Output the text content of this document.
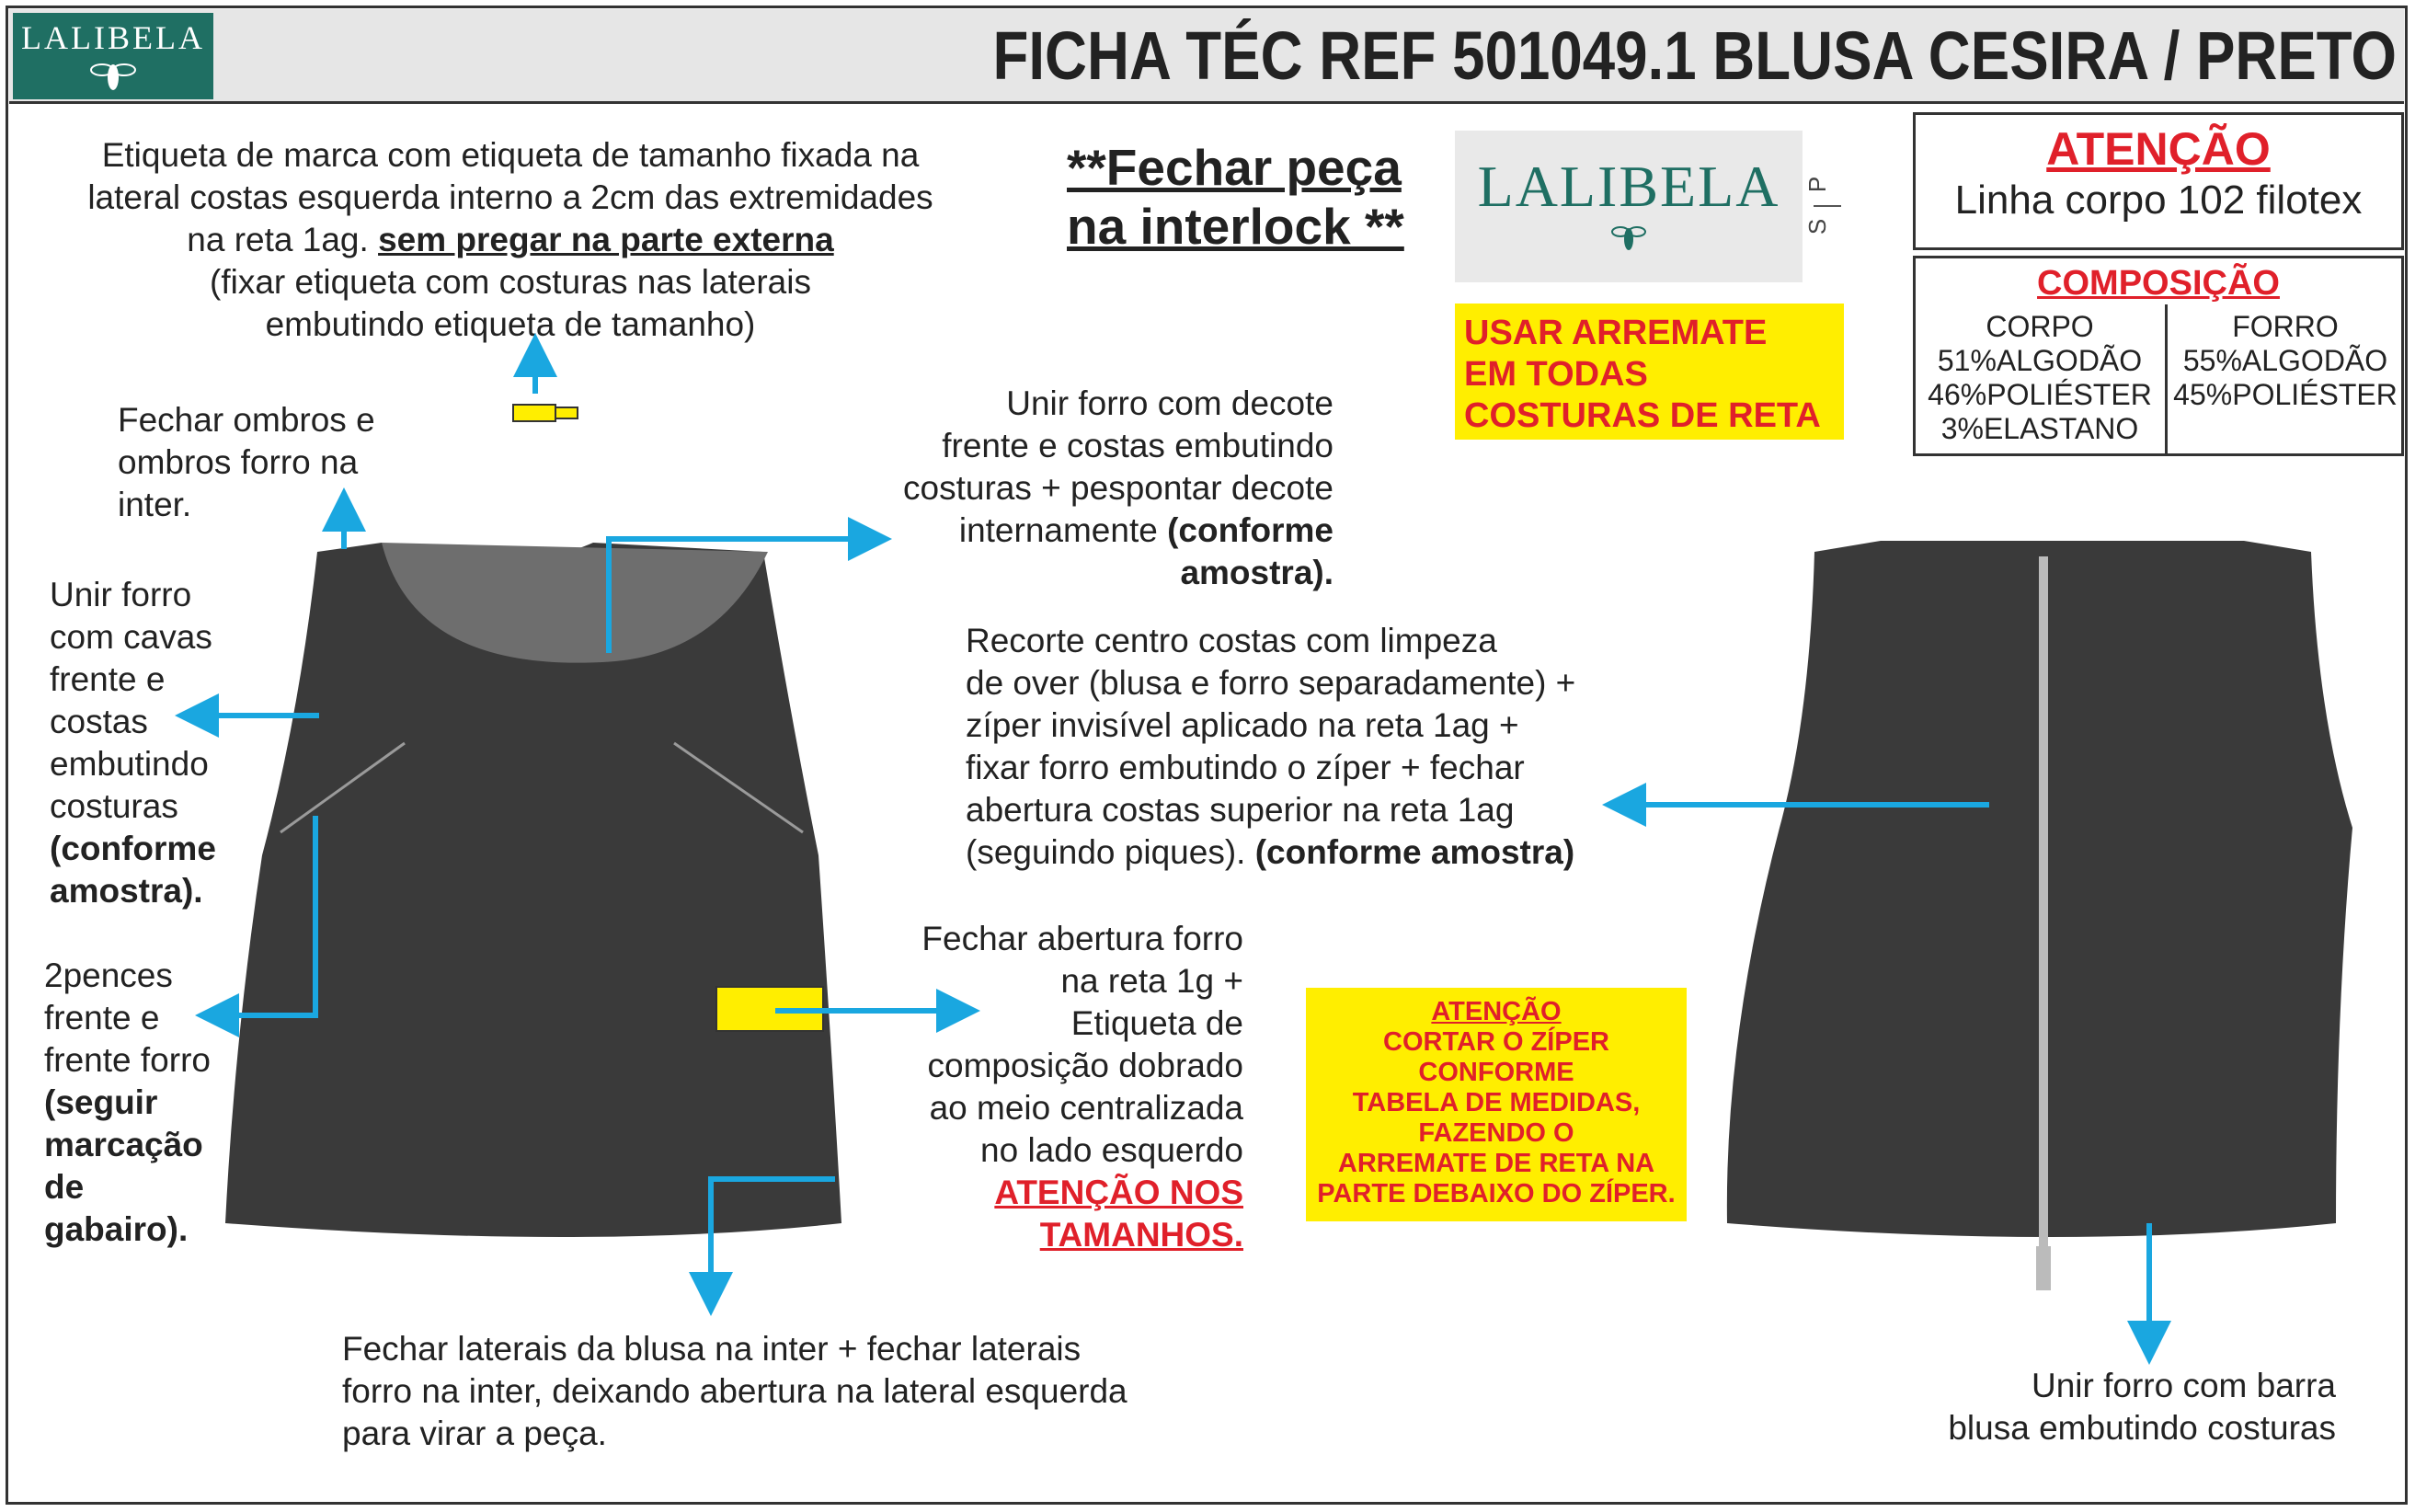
LALIBELA	FICHA TÉC REF 501049.1 BLUSA CESIRA / PRETO
Etiqueta de marca com etiqueta de tamanho fixada na
lateral costas esquerda interno a 2cm das extremidades
na reta 1ag. sem pregar na parte externa
(fixar etiqueta com costuras nas laterais
embutindo etiqueta de tamanho)
**Fechar peça
na interlock **
LALIBELA P
S
USAR ARREMATE
EM TODAS
COSTURAS DE RETA
ATENÇÃO
Linha corpo 102 filotex
COMPOSIÇÃO
CORPO
51%ALGODÃO
46%POLIÉSTER
3%ELASTANO
FORRO
55%ALGODÃO
45%POLIÉSTER
Fechar ombros e
ombros forro na
inter.
Unir forro com decote
frente e costas embutindo
costuras + pespontar decote
internamente (conforme
amostra).
Unir forro
com cavas
frente e
costas
embutindo
costuras
(conforme
amostra).
Recorte centro costas com limpeza
de over (blusa e forro separadamente) +
zíper invisível aplicado na reta 1ag +
fixar forro embutindo o zíper + fechar
abertura costas superior na reta 1ag
(seguindo piques). (conforme amostra)
2pences
frente e
frente forro
(seguir
marcação
de
gabairo).
Fechar abertura forro
na reta 1g +
Etiqueta de
composição dobrado
ao meio centralizada
no lado esquerdo
ATENÇÃO NOS
TAMANHOS.
ATENÇÃO
CORTAR O ZÍPER
CONFORME
TABELA DE MEDIDAS,
FAZENDO O
ARREMATE DE RETA NA
PARTE DEBAIXO DO ZÍPER.
Fechar laterais da blusa na inter + fechar laterais
forro na inter, deixando abertura na lateral esquerda
para virar a peça.
Unir forro com barra
blusa embutindo costuras
